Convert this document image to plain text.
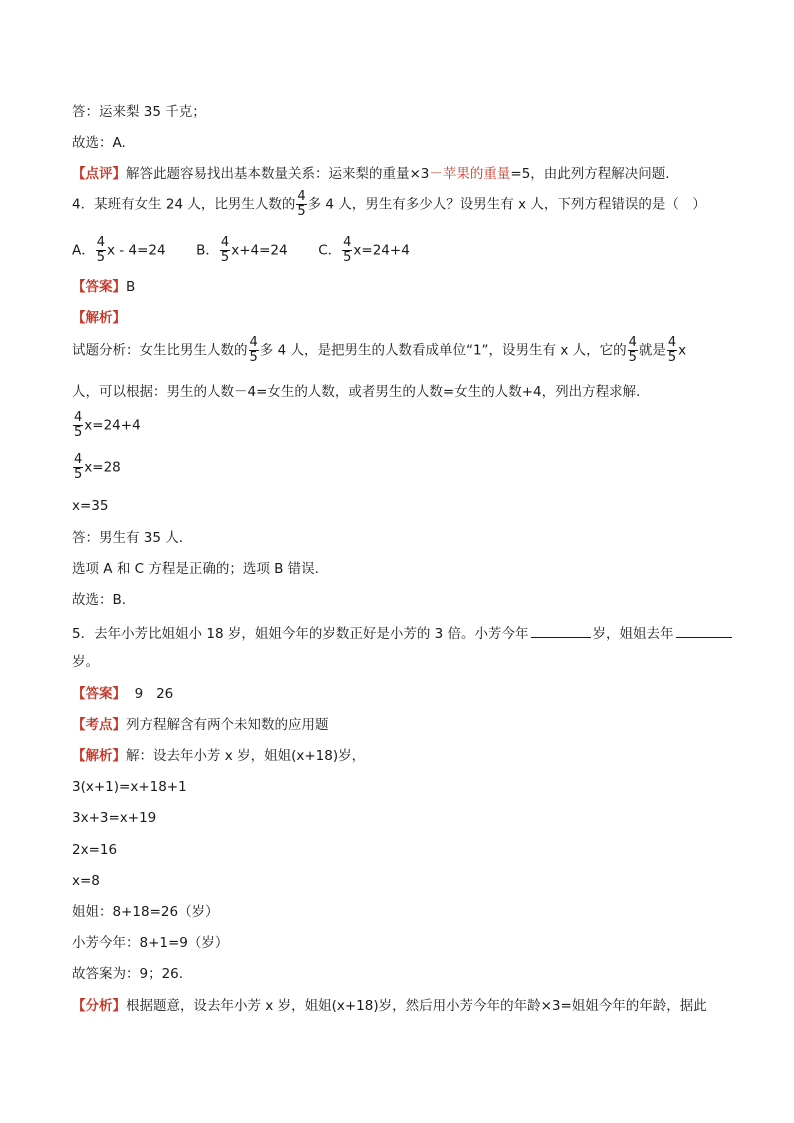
答：运来梨 35 千克；
故选：A.
【点评】解答此题容易找出基本数量关系：运来梨的重量×3－苹果的重量=5，由此列方程解决问题.
4．某班有女生 24 人，比男生人数的 $\frac{4}{5}$ 多 4 人，男生有多少人？设男生有 x 人，下列方程错误的是（　）
A． $\frac{4}{5}$ x - 4=24 B． $\frac{4}{5} x+4=24$ C． $\frac{4}{5} x=24+4$
【答案】B
【解析】
试题分析：女生比男生人数的 $\frac{4}{5}$ 多 4 人，是把男生的人数看成单位“1”，设男生有 x 人，它的 $\frac{4}{5}$ 就是 $\frac{4}{5}$ x
人，可以根据：男生的人数－4=女生的人数，或者男生的人数=女生的人数+4，列出方程求解.
$\frac{4}{5} x=24+4$
$\frac{4}{5} x=28$
x=35
答：男生有 35 人.
选项 A 和 C 方程是正确的；选项 B 错误.
故选：B.
5．去年小芳比姐姐小 18 岁，姐姐今年的岁数正好是小芳的 3 倍。小芳今年	岁，姐姐去年
岁。
【答案】 9 26
【考点】列方程解含有两个未知数的应用题
【解析】解：设去年小芳 x 岁，姐姐(x+18)岁，
3(x+1)=x+18+1
3x+3=x+19
2x=16
x=8
姐姐：8+18=26（岁）
小芳今年：8+1=9（岁）
故答案为：9；26.
【分析】根据题意，设去年小芳 x 岁，姐姐(x+18)岁，然后用小芳今年的年龄×3=姐姐今年的年龄，据此
